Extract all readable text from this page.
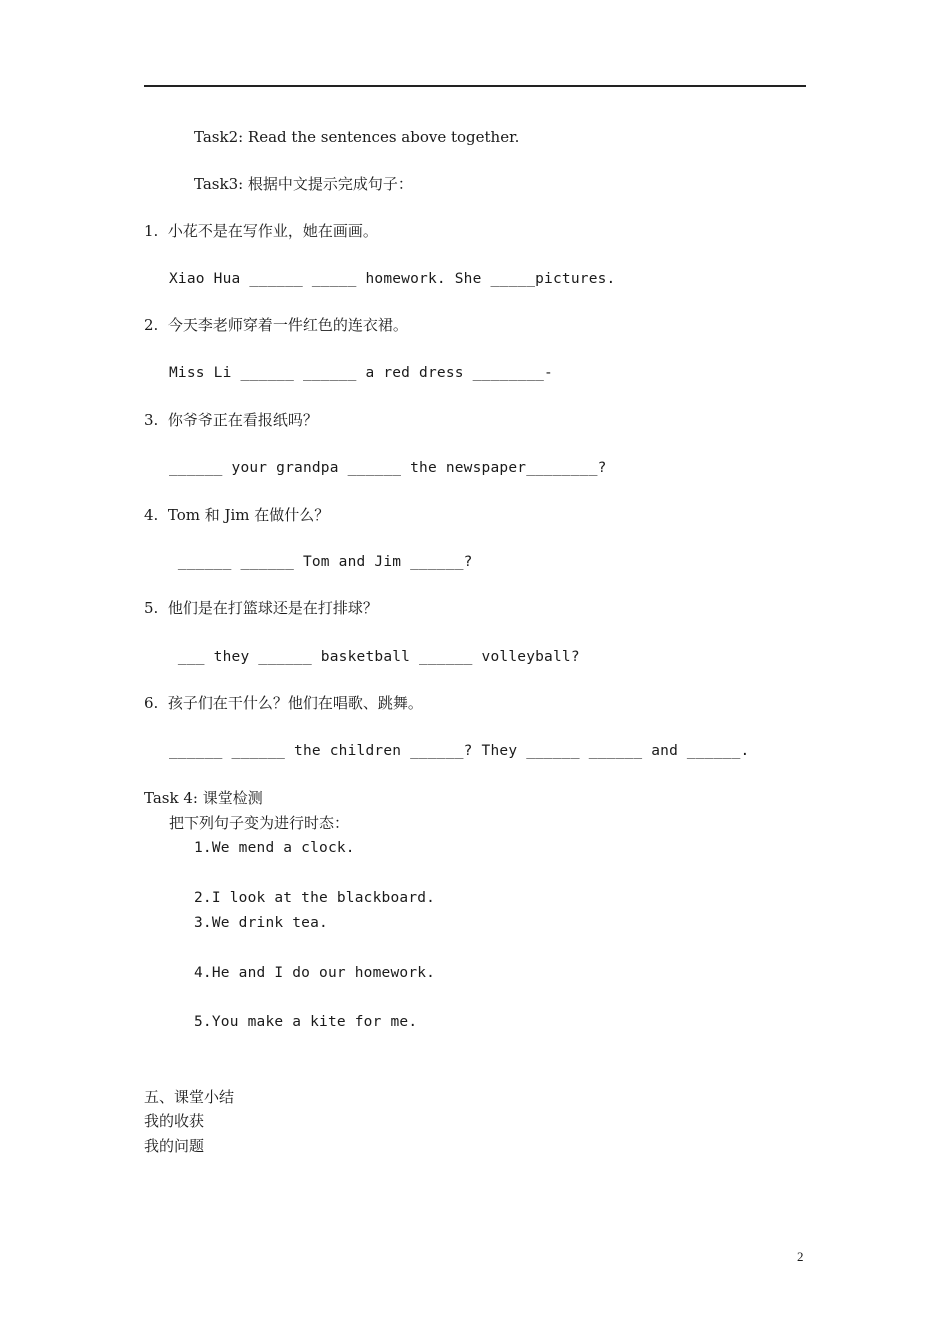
Task2: Read the sentences above together.
Task3: 根据中文提示完成句子：
1.  小花不是在写作业，她在画画。
Xiao Hua ______ _____ homework. She _____pictures.
2.  今天李老师穿着一件红色的连衣裙。
Miss Li ______ ______ a red dress ________-
3.  你爷爷正在看报纸吗？
______ your grandpa ______ the newspaper________?
4.  Tom 和 Jim 在做什么？
______ ______ Tom and Jim ______?
5.  他们是在打篮球还是在打排球？
___ they ______ basketball ______ volleyball?
6.  孩子们在干什么？他们在唱歌、跳舞。
______ ______ the children ______? They ______ ______ and ______.
Task 4: 课堂检测
把下列句子变为进行时态：
1.We mend a clock.
2.I look at the blackboard.
3.We drink tea.
4.He and I do our homework.
5.You make a kite for me.
五、课堂小结
我的收获
我的问题
2
